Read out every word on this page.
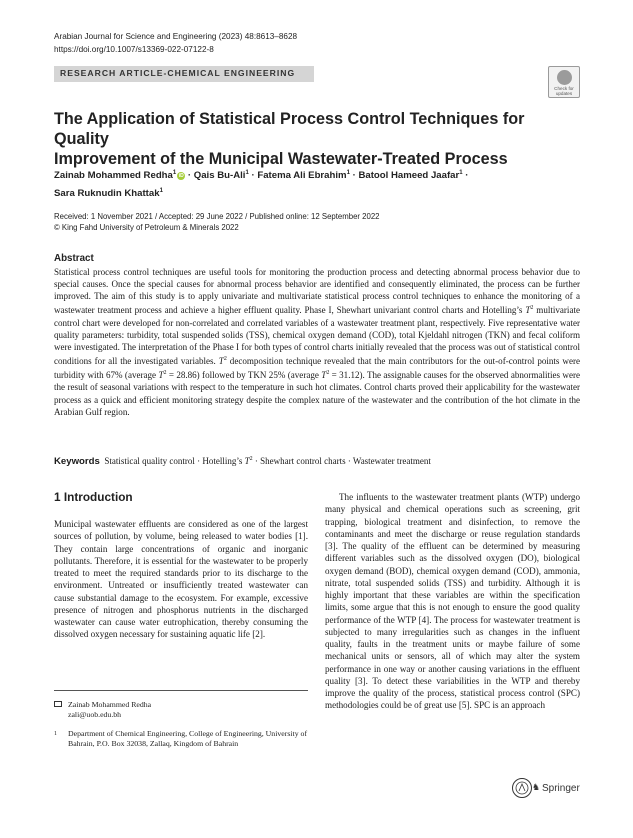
Arabian Journal for Science and Engineering (2023) 48:8613–8628
https://doi.org/10.1007/s13369-022-07122-8
RESEARCH ARTICLE-CHEMICAL ENGINEERING
Check for updates
The Application of Statistical Process Control Techniques for Quality
Improvement of the Municipal Wastewater-Treated Process
Zainab Mohammed Redha$^1$iD · Qais Bu-Ali$^1$ · Fatema Ali Ebrahim$^1$ · Batool Hameed Jaafar$^1$ ·
Sara Ruknudin Khattak$^1$
Received: 1 November 2021 / Accepted: 29 June 2022 / Published online: 12 September 2022
© King Fahd University of Petroleum & Minerals 2022
Abstract
Statistical process control techniques are useful tools for monitoring the production process and detecting abnormal process behavior due to special causes. Once the special causes for abnormal process behavior are identified and consequently eliminated, the process can be further improved. The aim of this study is to apply univariate and multivariate statistical process control techniques to enhance the monitoring of a wastewater treatment process and achieve a higher effluent quality. Phase I, Shewhart univariant control charts and Hotelling’s $T^2$ multivariate control chart were developed for non-correlated and correlated variables of a wastewater treatment plant, respectively. Five representative water quality parameters: turbidity, total suspended solids (TSS), chemical oxygen demand (COD), total Kjeldahl nitrogen (TKN) and fecal coliform were investigated. The interpretation of the Phase I for both types of control charts initially revealed that the process was out of statistical control conditions for all the investigated variables. $T^2$ decomposition technique revealed that the main contributors for the out-of-control points were turbidity with 67% (average $T^2 = 28.86$) followed by TKN 25% (average $T^2 = 31.12$). The assignable causes for the observed abnormalities were the result of seasonal variations with respect to the temperature in such hot climates. Control charts proved their applicability for the wastewater process as a quick and efficient monitoring strategy despite the complex nature of the wastewater and the contribution of the hot climate in the Arabian Gulf region.
Keywords Statistical quality control · Hotelling’s $T^2$ · Shewhart control charts · Wastewater treatment
1 Introduction
Municipal wastewater effluents are considered as one of the largest sources of pollution, by volume, being released to water bodies [1]. They contain large concentrations of organic and inorganic pollutants. Therefore, it is essential for the wastewater to be properly treated to meet the required standards prior to its discharge to the environment. Untreated or insufficiently treated wastewater can cause substantial damage to the ecosystem. For example, excessive presence of nitrogen and phosphorus nutrients in the discharged wastewater can cause water eutrophication, thereby consuming the dissolved oxygen necessary for sustaining aquatic life [2].
The influents to the wastewater treatment plants (WTP) undergo many physical and chemical operations such as screening, grit trapping, biological treatment and disinfection, to remove the contaminants and meet the discharge or reuse regulation standards [3]. The quality of the effluent can be determined by measuring different variables such as the dissolved oxygen (DO), biological oxygen demand (BOD), chemical oxygen demand (COD), ammonia, nitrate, total suspended solids (TSS) and turbidity. Although it is highly important that these variables are within the specification limits, some argue that this is not enough to ensure the good quality performance of the WTP [4]. The process for wastewater treatment is subjected to many irregularities such as changes in the influent quality, faults in the treatment units or maybe failure of some mechanical units or sensors, all of which may alter the system performance in one way or another causing variations in the effluent quality [3]. To detect these variabilities in the WTP and thereby improve the quality of the process, statistical process control (SPC) methodologies could be of great use [5]. SPC is an approach
Zainab Mohammed Redha
zali@uob.edu.bh
1 Department of Chemical Engineering, College of Engineering, University of Bahrain, P.O. Box 32038, Zallaq, Kingdom of Bahrain
♞ Springer
